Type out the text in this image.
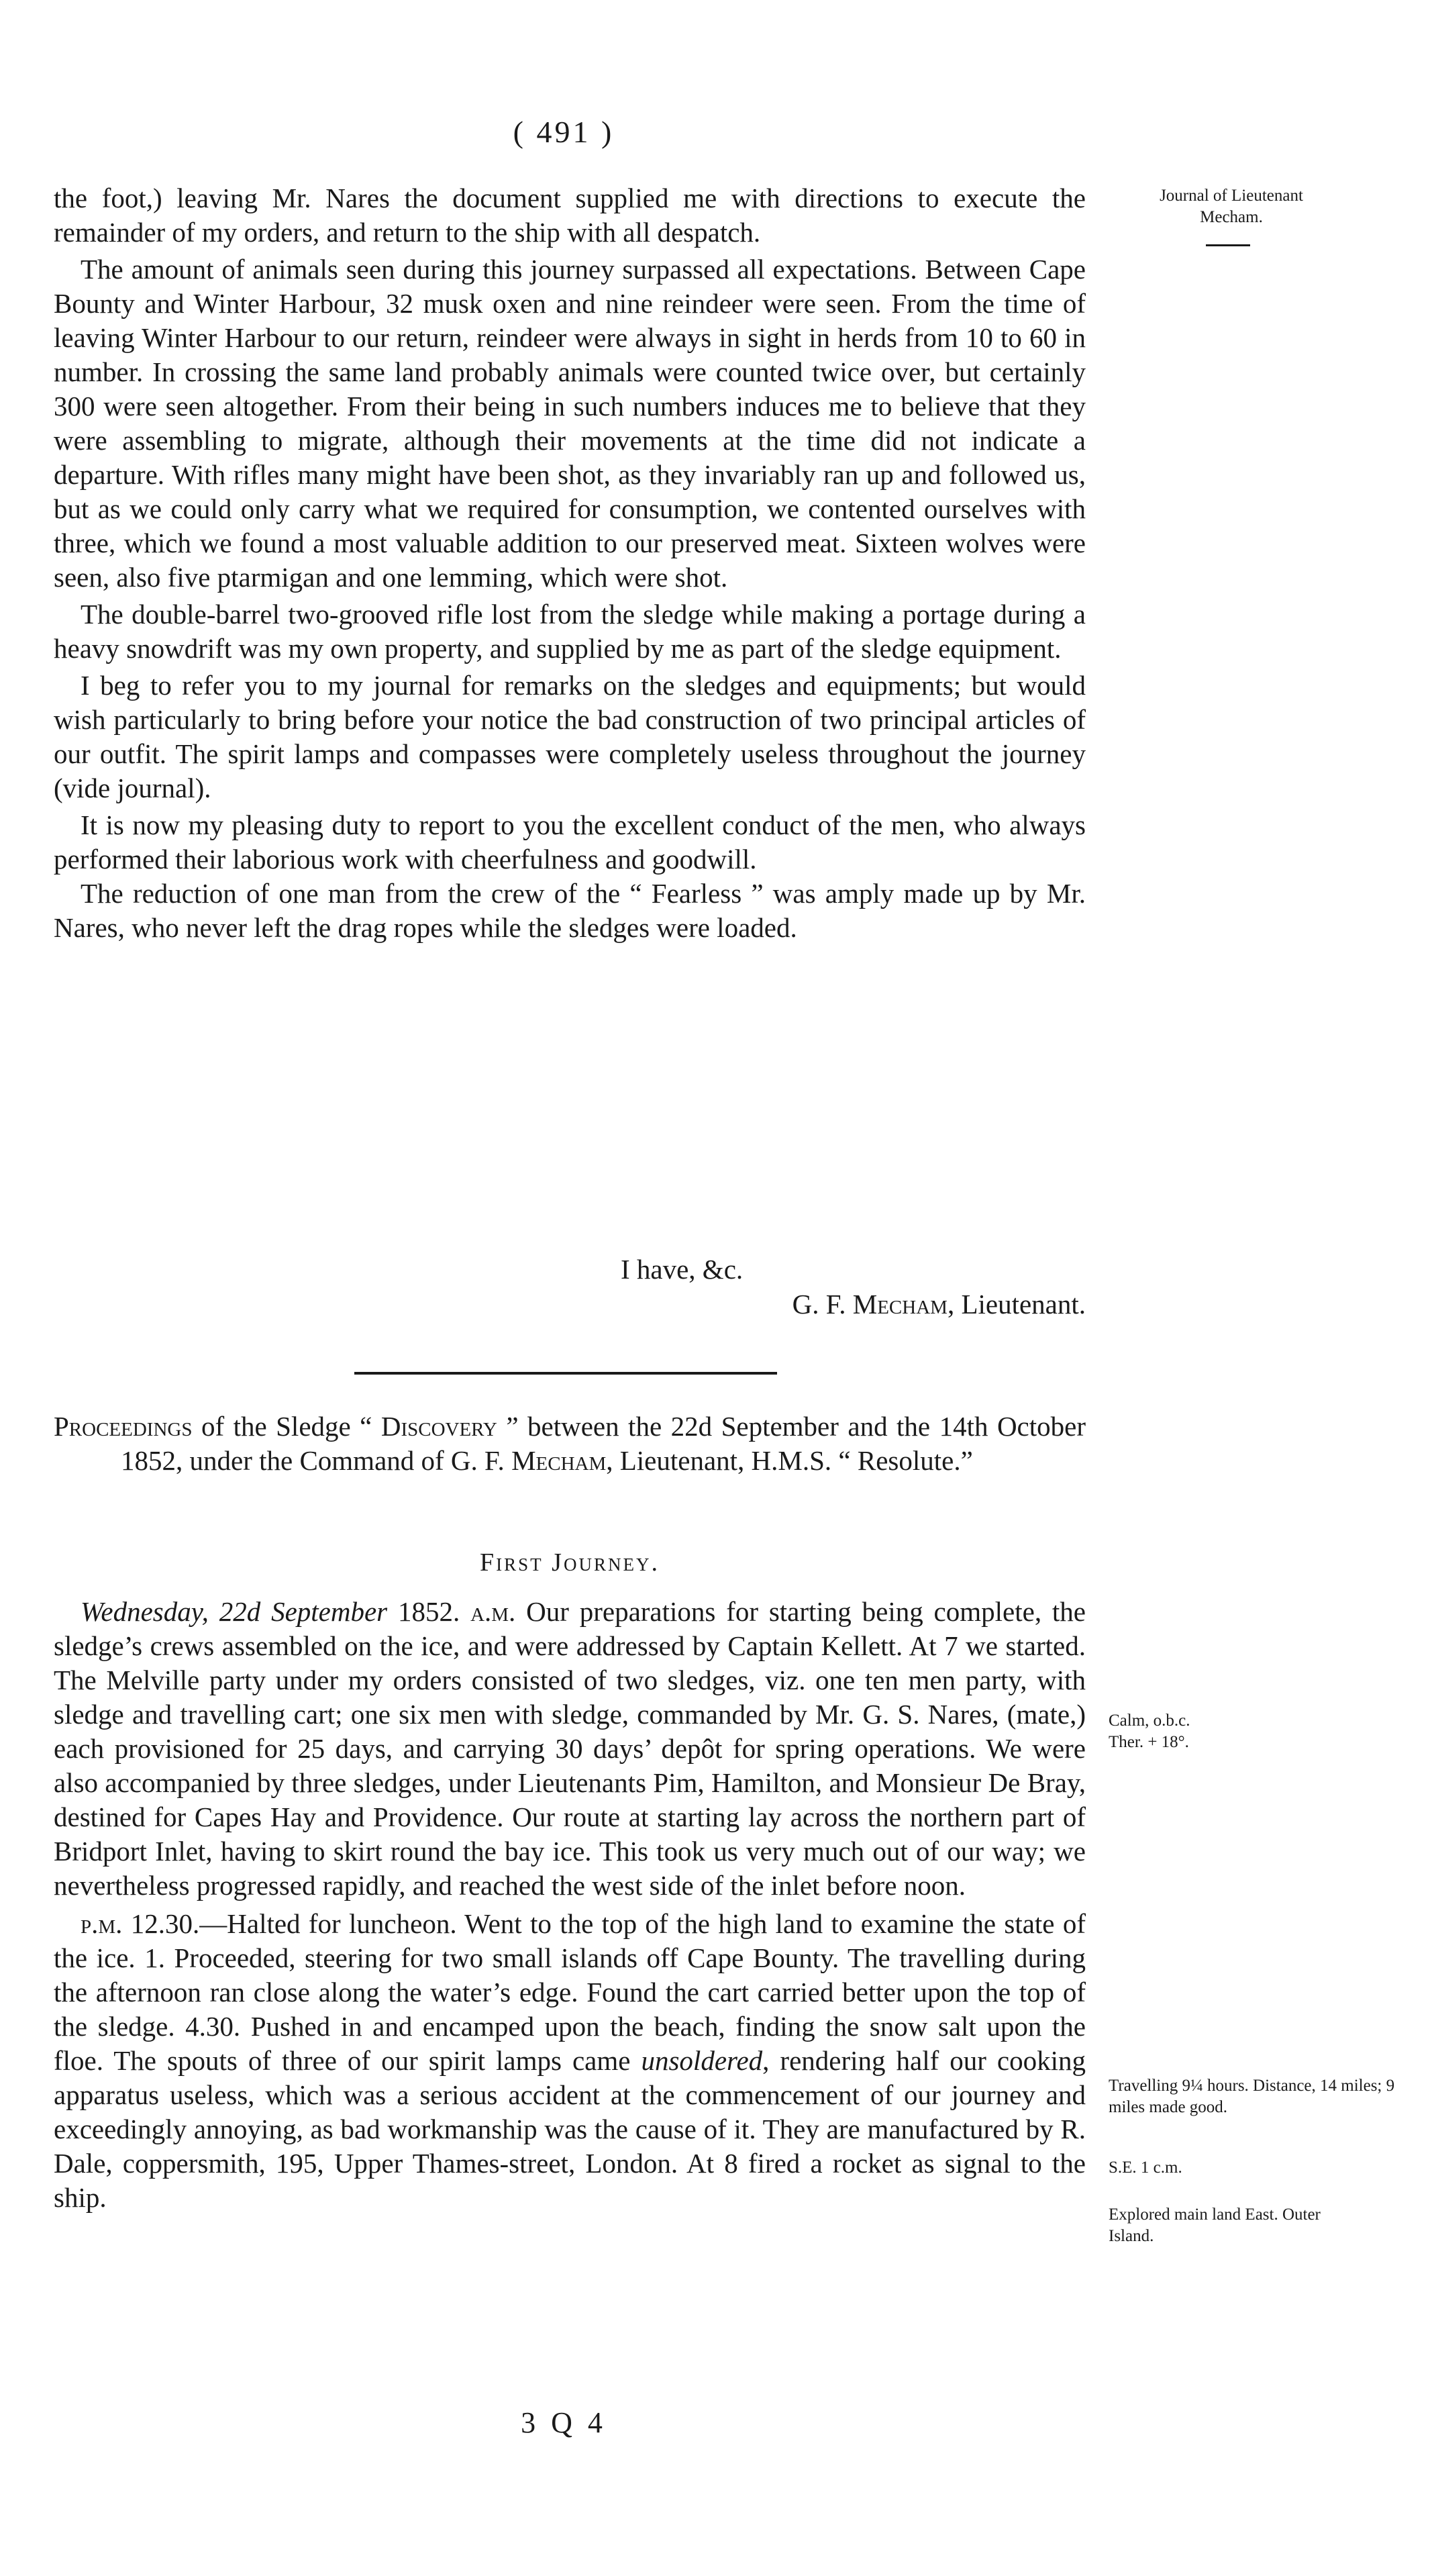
( 491 )
Journal of Lieutenant Mecham.

the foot,) leaving Mr. Nares the document supplied me with directions to execute the remainder of my orders, and return to the ship with all despatch.

The amount of animals seen during this journey surpassed all expectations. Between Cape Bounty and Winter Harbour, 32 musk oxen and nine reindeer were seen. From the time of leaving Winter Harbour to our return, reindeer were always in sight in herds from 10 to 60 in number. In crossing the same land probably animals were counted twice over, but certainly 300 were seen altogether. From their being in such numbers induces me to believe that they were assembling to migrate, although their movements at the time did not indicate a departure. With rifles many might have been shot, as they invariably ran up and followed us, but as we could only carry what we required for consumption, we contented ourselves with three, which we found a most valuable addition to our preserved meat. Sixteen wolves were seen, also five ptarmigan and one lemming, which were shot.

The double-barrel two-grooved rifle lost from the sledge while making a portage during a heavy snowdrift was my own property, and supplied by me as part of the sledge equipment.

I beg to refer you to my journal for remarks on the sledges and equipments; but would wish particularly to bring before your notice the bad construction of two principal articles of our outfit. The spirit lamps and compasses were completely useless throughout the journey (vide journal).

It is now my pleasing duty to report to you the excellent conduct of the men, who always performed their laborious work with cheerfulness and goodwill.

The reduction of one man from the crew of the “ Fearless ” was amply made up by Mr. Nares, who never left the drag ropes while the sledges were loaded.

I have, &c.
G. F. Mecham, Lieutenant.
Proceedings of the Sledge “ Discovery ” between the 22d September and the 14th October 1852, under the Command of G. F. Mecham, Lieutenant, H.M.S. “ Resolute.”
First Journey.

Wednesday, 22d September 1852. a.m. Our preparations for starting being complete, the sledge’s crews assembled on the ice, and were addressed by Captain Kellett. At 7 we started. The Melville party under my orders consisted of two sledges, viz. one ten men party, with sledge and travelling cart; one six men with sledge, commanded by Mr. G. S. Nares, (mate,) each provisioned for 25 days, and carrying 30 days’ depôt for spring operations. We were also accompanied by three sledges, under Lieutenants Pim, Hamilton, and Monsieur De Bray, destined for Capes Hay and Providence. Our route at starting lay across the northern part of Bridport Inlet, having to skirt round the bay ice. This took us very much out of our way; we nevertheless progressed rapidly, and reached the west side of the inlet before noon.

p.m. 12.30.—Halted for luncheon. Went to the top of the high land to examine the state of the ice. 1. Proceeded, steering for two small islands off Cape Bounty. The travelling during the afternoon ran close along the water’s edge. Found the cart carried better upon the top of the sledge. 4.30. Pushed in and encamped upon the beach, finding the snow salt upon the floe. The spouts of three of our spirit lamps came unsoldered, rendering half our cooking apparatus useless, which was a serious accident at the commencement of our journey and exceedingly annoying, as bad workmanship was the cause of it. They are manufactured by R. Dale, coppersmith, 195, Upper Thames-street, London. At 8 fired a rocket as signal to the ship.

Calm, o.b.c. Ther. + 18°.
Travelling 9¼ hours. Distance, 14 miles; 9 miles made good.
S.E. 1 c.m.
Explored main land East. Outer Island.
3 Q 4
